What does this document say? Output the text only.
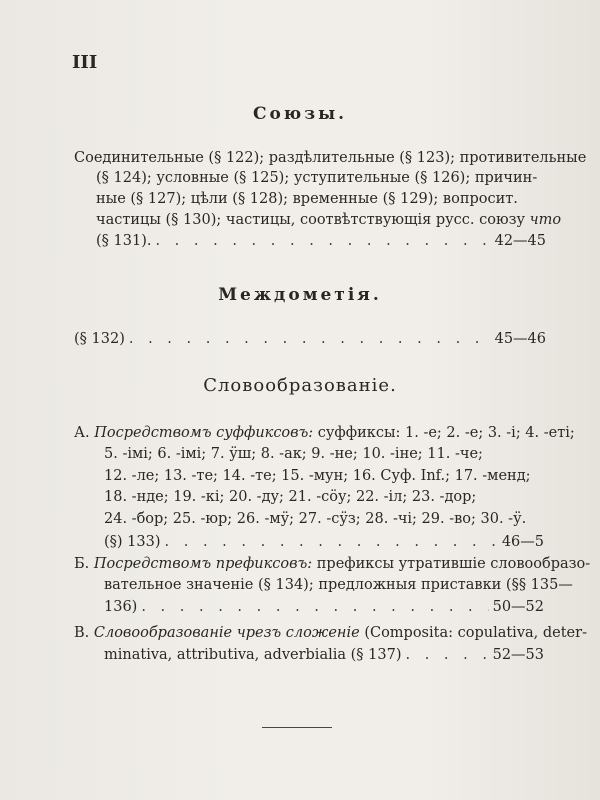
III
Союзы.
Соединительные (§ 122); раздѣлительные (§ 123); противительные
(§ 124); условные (§ 125); уступительные (§ 126); причин-
ные (§ 127); цѣли (§ 128); временные (§ 129); вопросит.
частицы (§ 130); частицы, соотвѣтствующія русс. союзу что
(§ 131). . . .	42—45
Междометія.
(§ 132) . . .	45—46
Словообразованіе.
А. Посредствомъ суффиксовъ: суффиксы: 1. -е; 2. -е; 3. -і; 4. -еті;
5. -імі; 6. -імі; 7. ӱш; 8. -ак; 9. -не; 10. -іне; 11. -че;
12. -ле; 13. -те; 14. -те; 15. -мун; 16. Суф. Inf.; 17. -менд;
18. -нде; 19. -кі; 20. -ду; 21. -сӧу; 22. -іл; 23. -дор;
24. -бор; 25. -юр; 26. -мӱ; 27. -сӱз; 28. -чі; 29. -во; 30. -ӱ.
(§) 133) . . .	46—5
Б. Посредствомъ префиксовъ: префиксы утратившіе словообразо-
вательное значеніе (§ 134); предложныя приставки (§§ 135—
136) . . .	50—52
В. Словообразованіе чрезъ сложеніе (Composita: copulativa, deter-
minativa, attributiva, adverbialia (§ 137) . . .	52—53
